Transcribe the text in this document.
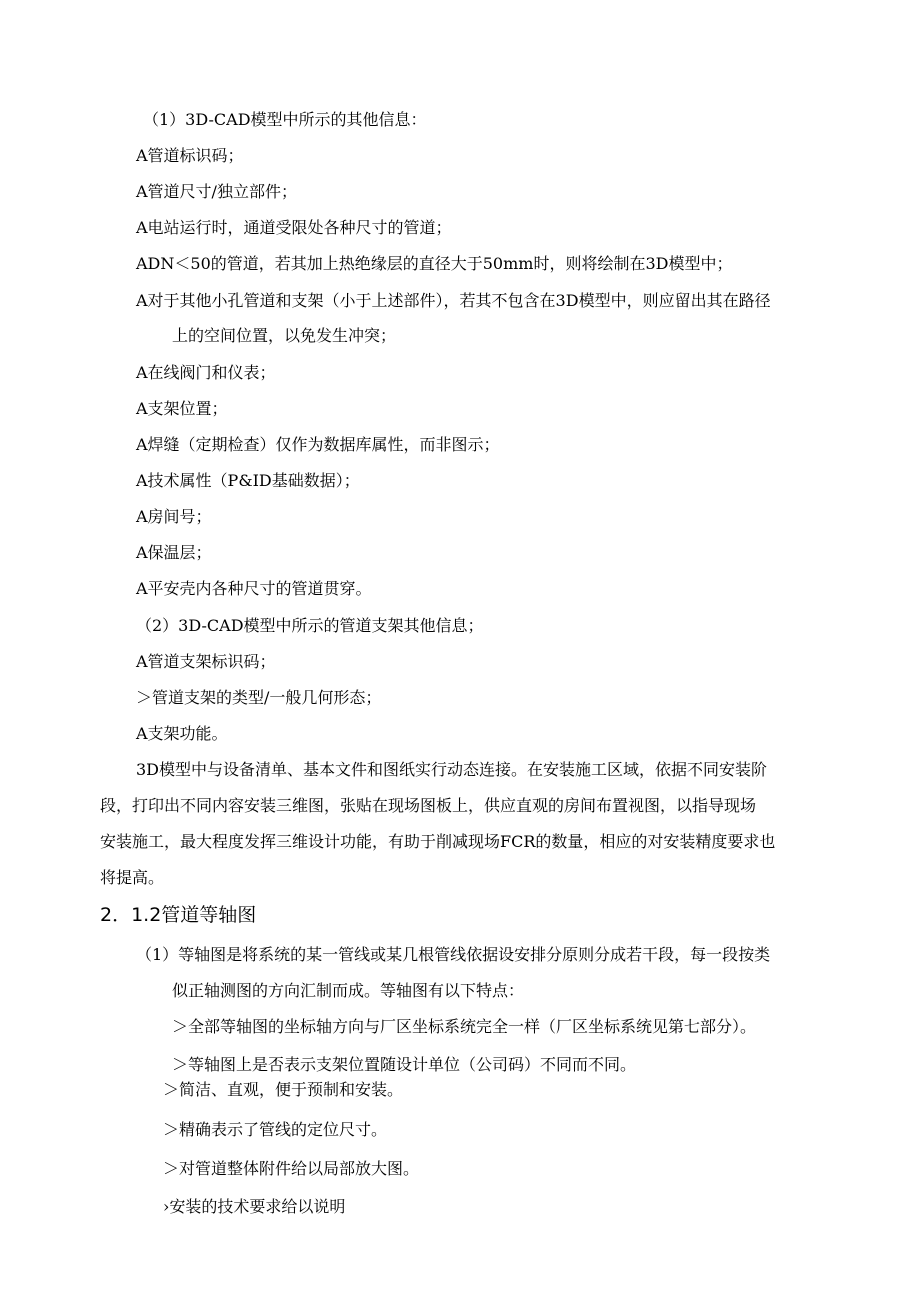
（1）3D-CAD模型中所示的其他信息：
A管道标识码；
A管道尺寸/独立部件；
A电站运行时，通道受限处各种尺寸的管道；
ADN＜50的管道，若其加上热绝缘层的直径大于50mm时，则将绘制在3D模型中；
A对于其他小孔管道和支架（小于上述部件），若其不包含在3D模型中，则应留出其在路径
上的空间位置，以免发生冲突；
A在线阀门和仪表；
A支架位置；
A焊缝（定期检查）仅作为数据库属性，而非图示；
A技术属性（P&ID基础数据）；
A房间号；
A保温层；
A平安壳内各种尺寸的管道贯穿。
（2）3D-CAD模型中所示的管道支架其他信息；
A管道支架标识码；
＞管道支架的类型/一般几何形态；
A支架功能。
3D模型中与设备清单、基本文件和图纸实行动态连接。在安装施工区域，依据不同安装阶
段，打印出不同内容安装三维图，张贴在现场图板上，供应直观的房间布置视图，以指导现场
安装施工，最大程度发挥三维设计功能，有助于削减现场FCR的数量，相应的对安装精度要求也
将提高。
2．1.2管道等轴图
（1）等轴图是将系统的某一管线或某几根管线依据设安排分原则分成若干段，每一段按类
似正轴测图的方向汇制而成。等轴图有以下特点：
＞全部等轴图的坐标轴方向与厂区坐标系统完全一样（厂区坐标系统见第七部分）。
＞等轴图上是否表示支架位置随设计单位（公司码）不同而不同。
＞简洁、直观，便于预制和安装。
＞精确表示了管线的定位尺寸。
＞对管道整体附件给以局部放大图。
›安装的技术要求给以说明
